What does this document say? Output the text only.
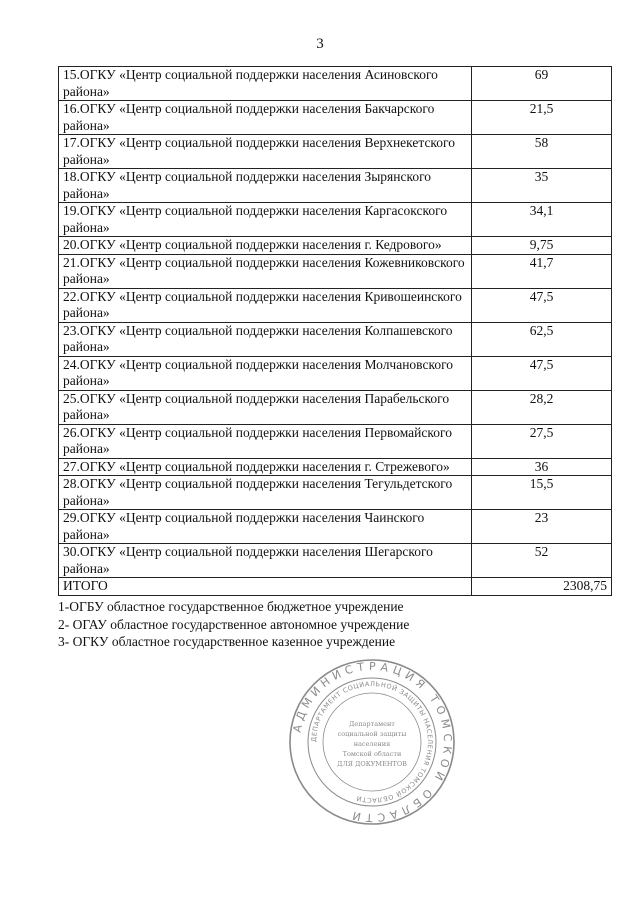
3
15.ОГКУ «Центр социальной поддержки населения Асиновского района»	69
16.ОГКУ «Центр социальной поддержки населения Бакчарского района»	21,5
17.ОГКУ «Центр социальной поддержки населения Верхнекетского района»	58
18.ОГКУ «Центр социальной поддержки населения Зырянского района»	35
19.ОГКУ «Центр социальной поддержки населения Каргасокского района»	34,1
20.ОГКУ «Центр социальной поддержки населения г. Кедрового»	9,75
21.ОГКУ «Центр социальной поддержки населения Кожевниковского района»	41,7
22.ОГКУ «Центр социальной поддержки населения Кривошеинского района»	47,5
23.ОГКУ «Центр социальной поддержки населения Колпашевского района»	62,5
24.ОГКУ «Центр социальной поддержки населения Молчановского района»	47,5
25.ОГКУ «Центр социальной поддержки населения Парабельского района»	28,2
26.ОГКУ «Центр социальной поддержки населения Первомайского района»	27,5
27.ОГКУ «Центр социальной поддержки населения г. Стрежевого»	36
28.ОГКУ «Центр социальной поддержки населения Тегульдетского района»	15,5
29.ОГКУ «Центр социальной поддержки населения Чаинского района»	23
30.ОГКУ «Центр социальной поддержки населения Шегарского района»	52
ИТОГО	2308,75
1-ОГБУ областное государственное бюджетное учреждение
2- ОГАУ областное государственное автономное учреждение
3- ОГКУ областное государственное казенное учреждение
АДМИНИСТРАЦИЯ ТОМСКОЙ ОБЛАСТИ
ДЕПАРТАМЕНТ СОЦИАЛЬНОЙ ЗАЩИТЫ НАСЕЛЕНИЯ ТОМСКОЙ ОБЛАСТИ
Департамент
социальной защиты
населения
Томской области
ДЛЯ ДОКУМЕНТОВ
